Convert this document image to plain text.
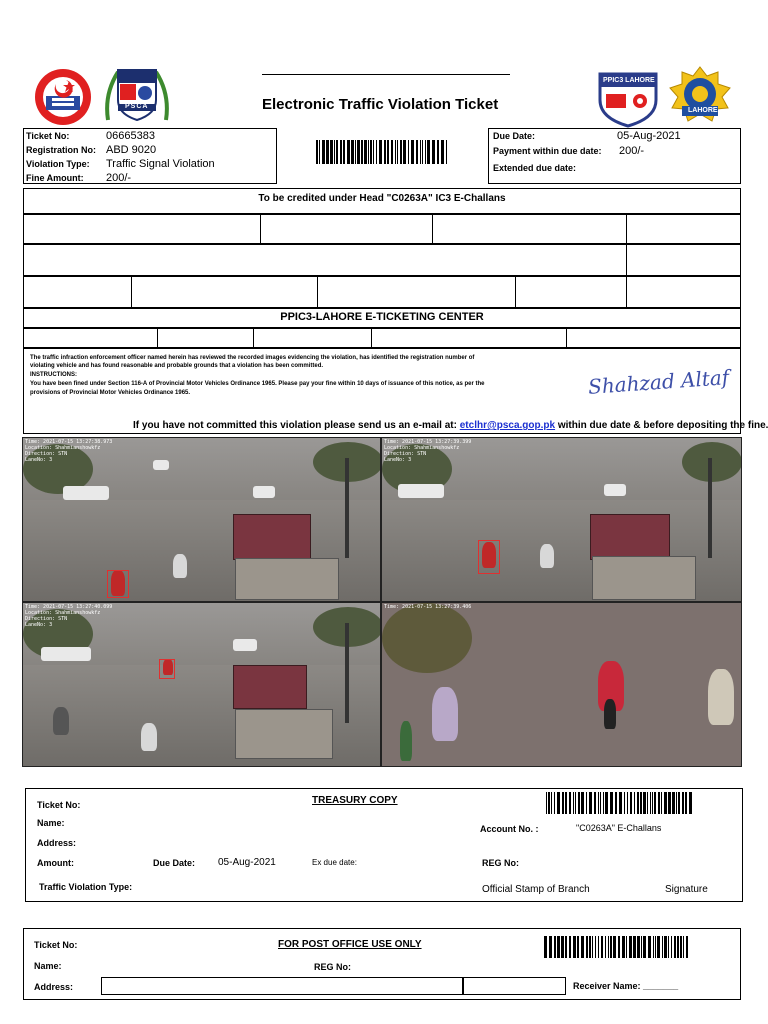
PSCA	Electronic Traffic Violation Ticket
PPIC3 LAHORE
LAHORE
Ticket No:	06665383
Registration No: ABD 9020
Violation Type: Traffic Signal Violation
Fine Amount: 200/-
Due Date:	05-Aug-2021
Payment within due date: 200/-
Extended due date:
To be credited under Head "C0263A" IC3 E-Challans
PPIC3-LAHORE E-TICKETING CENTER
The traffic infraction enforcement officer named herein has reviewed the recorded images evidencing the violation, has identified the registration number of
violating vehicle and has found reasonable and probable grounds that a violation has been committed.
INSTRUCTIONS:
You have been fined under Section 116-A of Provincial Motor Vehicles Ordinance 1965. Please pay your fine within 10 days of issuance of this notice, as per the
provisions of Provincial Motor Vehicles Ordinance 1965.	Shahzad Altaf
If you have not committed this violation please send us an e-mail at: etclhr@psca.gop.pk within due date & before depositing the fine.
Time: 2021-07-15 13:27:38.973
Location: Shahmianshowkfz
Direction: STN
LaneNo: 3
Time: 2021-07-15 13:27:39.399
Location: Shahmianshowkfz
Direction: STN
LaneNo: 3
Time: 2021-07-15 13:27:40.099
Location: Shahmianshowkfz
Direction: STN
LaneNo: 3
Time: 2021-07-15 13:27:39.406
Ticket No:	TREASURY COPY
Name:
Account No. :	"C0263A" E-Challans
Address:
Amount:	Due Date: 05-Aug-2021	Ex due date:	REG No:
Traffic Violation Type:	Official Stamp of Branch	Signature
Ticket No:	FOR POST OFFICE USE ONLY
Name:	REG No:
Address:	Receiver Name: _______
